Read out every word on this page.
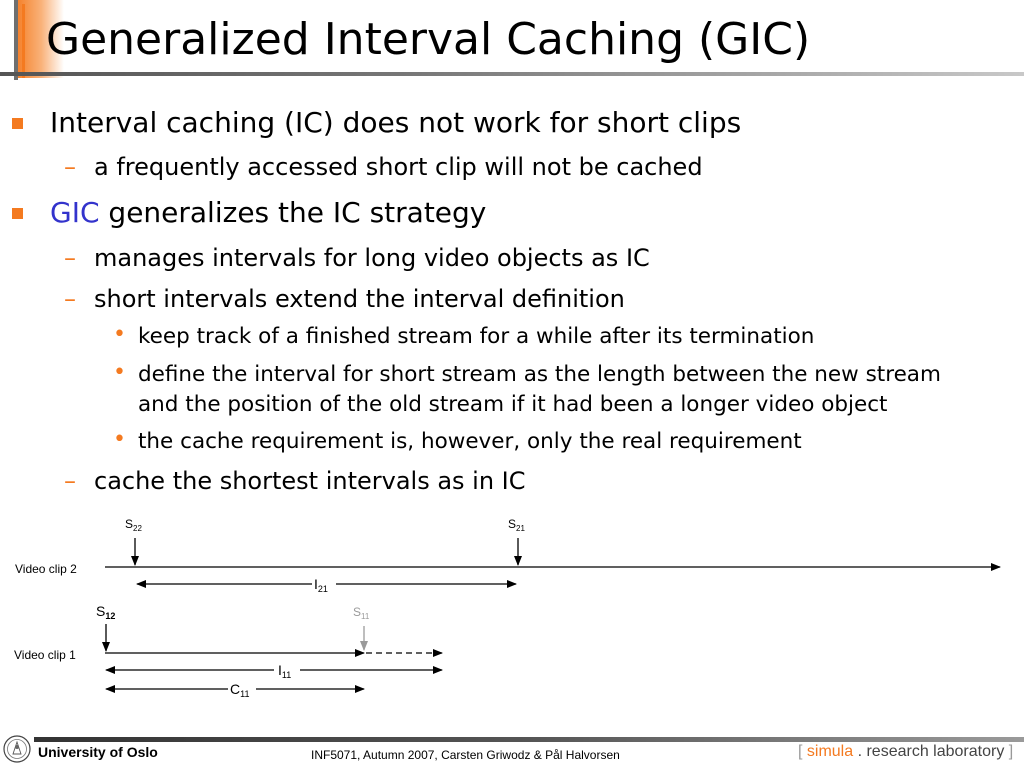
Generalized Interval Caching (GIC)
Interval caching (IC) does not work for short clips
– a frequently accessed short clip will not be cached
GIC generalizes the IC strategy
– manages intervals for long video objects as IC
– short intervals extend the interval definition
• keep track of a finished stream for a while after its termination
• define the interval for short stream as the length between the new stream
and the position of the old stream if it had been a longer video object
• the cache requirement is, however, only the real requirement
– cache the shortest intervals as in IC
Video clip 2
$S_{22}$	$S_{21}$
$I_{21}$
Video clip 1
$S_{12}$	$S_{11}$
$I_{11}$
$C_{11}$
University of Oslo	INF5071, Autumn 2007, Carsten Griwodz & Pål Halvorsen	[ simula . research laboratory ]
